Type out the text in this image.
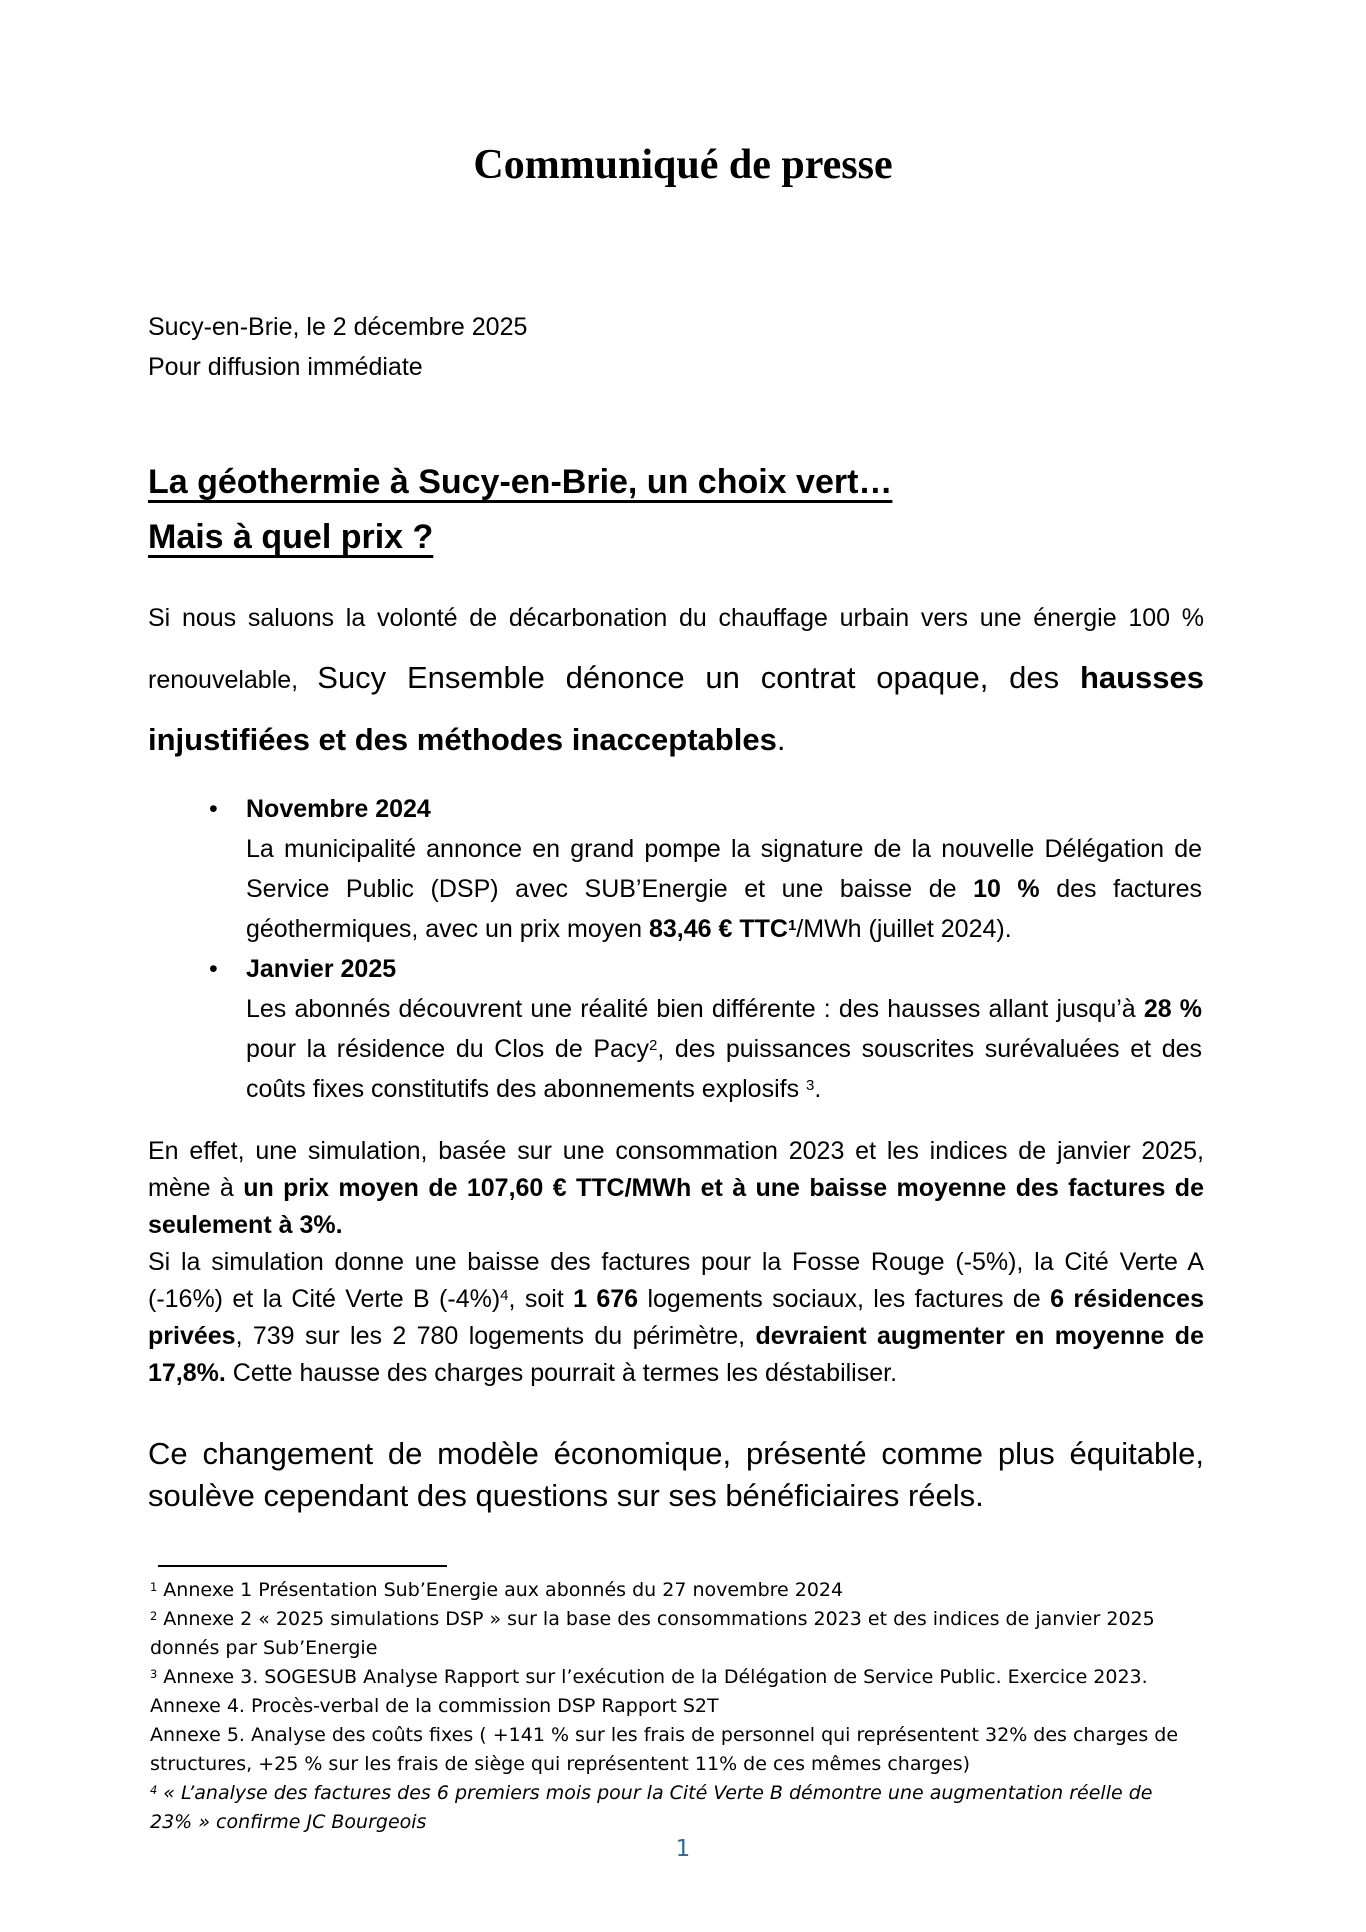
Communiqué de presse
Sucy-en-Brie, le 2 décembre 2025
Pour diffusion immédiate
La géothermie à Sucy-en-Brie, un choix vert…
Mais à quel prix ?

Si nous saluons la volonté de décarbonation du chauffage urbain vers une énergie 100 % renouvelable, Sucy Ensemble dénonce un contrat opaque, des hausses injustifiées et des méthodes inacceptables.

• Novembre 2024

La municipalité annonce en grand pompe la signature de la nouvelle Délégation de Service Public (DSP) avec SUB’Energie et une baisse de 10 % des factures géothermiques, avec un prix moyen 83,46 € TTC$^1$/MWh (juillet 2024).

• Janvier 2025

Les abonnés découvrent une réalité bien différente : des hausses allant jusqu’à 28 % pour la résidence du Clos de Pacy$^2$, des puissances souscrites surévaluées et des coûts fixes constitutifs des abonnements explosifs $^3$.

En effet, une simulation, basée sur une consommation 2023 et les indices de janvier 2025, mène à un prix moyen de 107,60 € TTC/MWh et à une baisse moyenne des factures de seulement à 3%.

Si la simulation donne une baisse des factures pour la Fosse Rouge (-5%), la Cité Verte A (-16%) et la Cité Verte B $(-4\%)^4$, soit 1 676 logements sociaux, les factures de 6 résidences privées, 739 sur les 2 780 logements du périmètre, devraient augmenter en moyenne de 17,8%. Cette hausse des charges pourrait à termes les déstabiliser.

Ce changement de modèle économique, présenté comme plus équitable, soulève cependant des questions sur ses bénéficiaires réels.

$^1$ Annexe 1 Présentation Sub’Energie aux abonnés du 27 novembre 2024
$^2$ Annexe 2 « 2025 simulations DSP » sur la base des consommations 2023 et des indices de janvier 2025
donnés par Sub’Energie
$^3$ Annexe 3. SOGESUB Analyse Rapport sur l’exécution de la Délégation de Service Public. Exercice 2023.
Annexe 4. Procès-verbal de la commission DSP Rapport S2T
Annexe 5. Analyse des coûts fixes ( +141 % sur les frais de personnel qui représentent 32% des charges de
structures, +25 % sur les frais de siège qui représentent 11% de ces mêmes charges)
$^4$ « L’analyse des factures des 6 premiers mois pour la Cité Verte B démontre une augmentation réelle de
23% » confirme JC Bourgeois
1
